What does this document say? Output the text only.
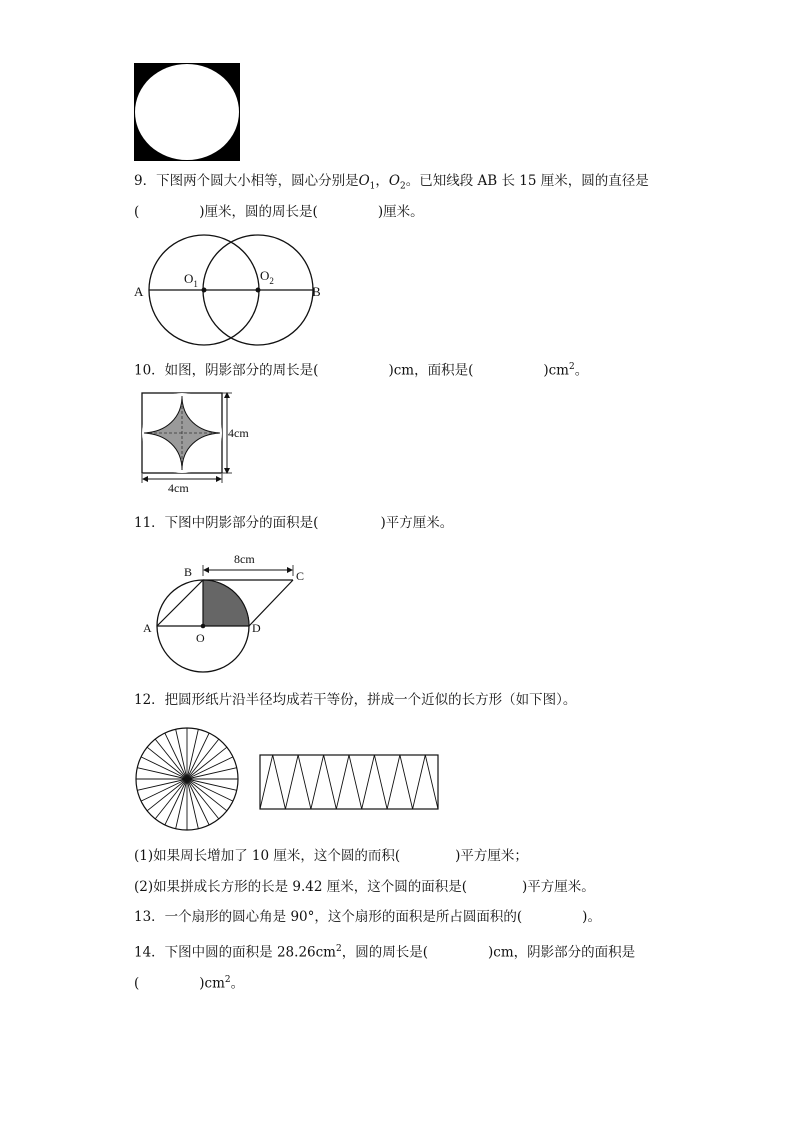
9．下图两个圆大小相等，圆心分别是$O_1$，$O_2$。已知线段 AB 长 15 厘米，圆的直径是
(	)厘米，圆的周长是(	)厘米。
A	B
$O_1$
$O_2$
10．如图，阴影部分的周长是(	)cm，面积是(	)$cm^2$。
4cm
4cm
11．下图中阴影部分的面积是(	)平方厘米。
8cm
A
B	C
D
O
12．把圆形纸片沿半径均成若干等份，拼成一个近似的长方形（如下图）。
(1)如果周长增加了 10 厘米，这个圆的而积(	)平方厘米；
(2)如果拼成长方形的长是 9.42 厘米，这个圆的面积是(	)平方厘米。
13．一个扇形的圆心角是 90°，这个扇形的面积是所占圆面积的(	)。
14．下图中圆的面积是 $28.26cm^2$，圆的周长是(	)cm，阴影部分的面积是
(	)$cm^2$。
